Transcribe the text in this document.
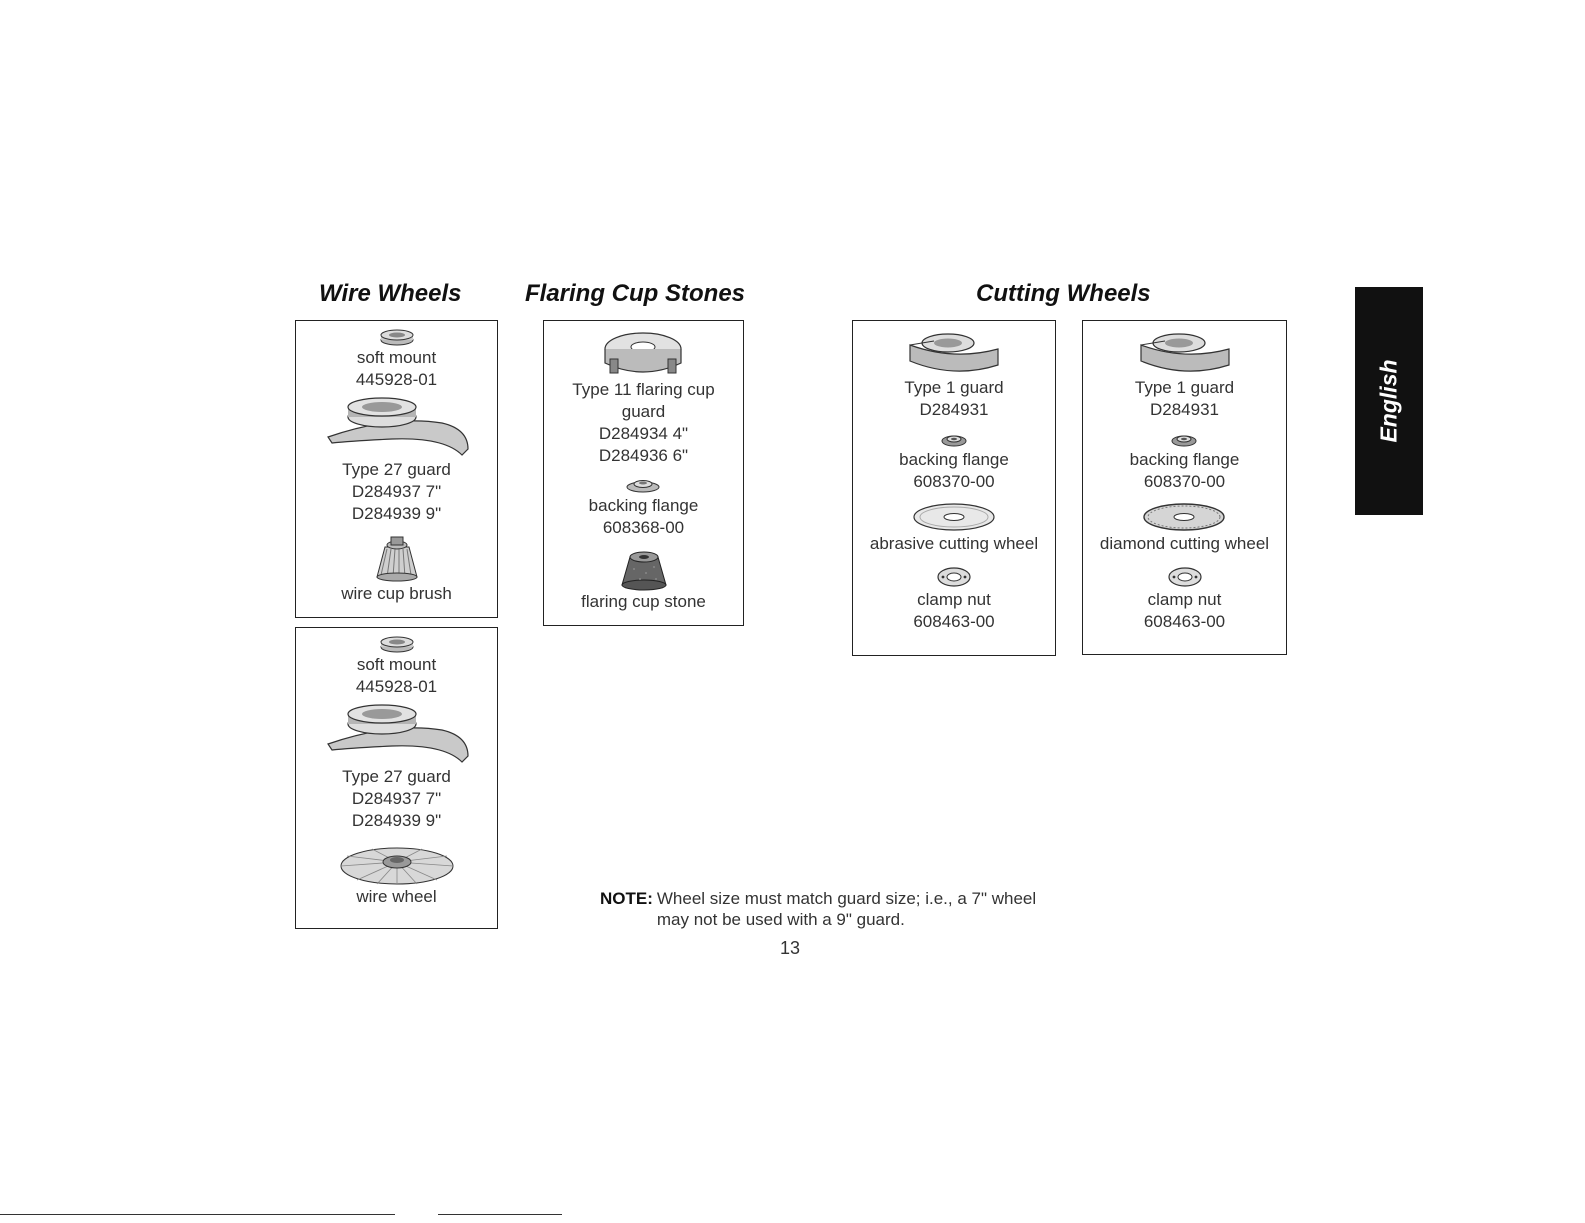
Wire Wheels	Flaring Cup Stones	Cutting Wheels
soft mount
445928-01
Type 27 guard
D284937 7"
D284939 9"
wire cup brush
soft mount
445928-01
Type 27 guard
D284937 7"
D284939 9"
wire wheel
Type 11 flaring cup
guard
D284934 4"
D284936 6"
backing flange
608368-00
flaring cup stone
Type 1 guard
D284931
backing flange
608370-00
abrasive cutting wheel
clamp nut
608463-00
Type 1 guard
D284931
backing flange
608370-00
diamond cutting wheel
clamp nut
608463-00
English
NOTE: Wheel size must match guard size; i.e., a 7" wheel may not be used with a 9" guard.
13
